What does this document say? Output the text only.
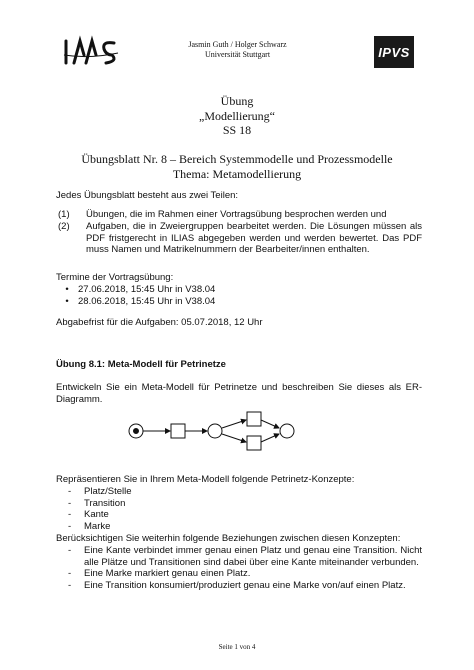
Jasmin Guth / Holger Schwarz
Universität Stuttgart	IPVS
Übung
„Modellierung“
SS 18
Übungsblatt Nr. 8 – Bereich Systemmodelle und Prozessmodelle
Thema: Metamodellierung
Jedes Übungsblatt besteht aus zwei Teilen:
(1)	Übungen, die im Rahmen einer Vortragsübung besprochen werden und
(2)	Aufgaben, die in Zweiergruppen bearbeitet werden. Die Lösungen müssen als PDF fristgerecht in ILIAS abgegeben werden und werden bewertet. Das PDF muss Namen und Matrikelnummern der Bearbeiter/innen enthalten.
Termine der Vortragsübung:
• 27.06.2018, 15:45 Uhr in V38.04
• 28.06.2018, 15:45 Uhr in V38.04
Abgabefrist für die Aufgaben: 05.07.2018, 12 Uhr
Übung 8.1: Meta-Modell für Petrinetze
Entwickeln Sie ein Meta-Modell für Petrinetze und beschreiben Sie dieses als ER-Diagramm.
Repräsentieren Sie in Ihrem Meta-Modell folgende Petrinetz-Konzepte:
-	Platz/Stelle
-	Transition
-	Kante
-	Marke
Berücksichtigen Sie weiterhin folgende Beziehungen zwischen diesen Konzepten:
-	Eine Kante verbindet immer genau einen Platz und genau eine Transition. Nicht alle Plätze und Transitionen sind dabei über eine Kante miteinander verbunden.
-	Eine Marke markiert genau einen Platz.
-	Eine Transition konsumiert/produziert genau eine Marke von/auf einen Platz.
Seite 1 von 4
